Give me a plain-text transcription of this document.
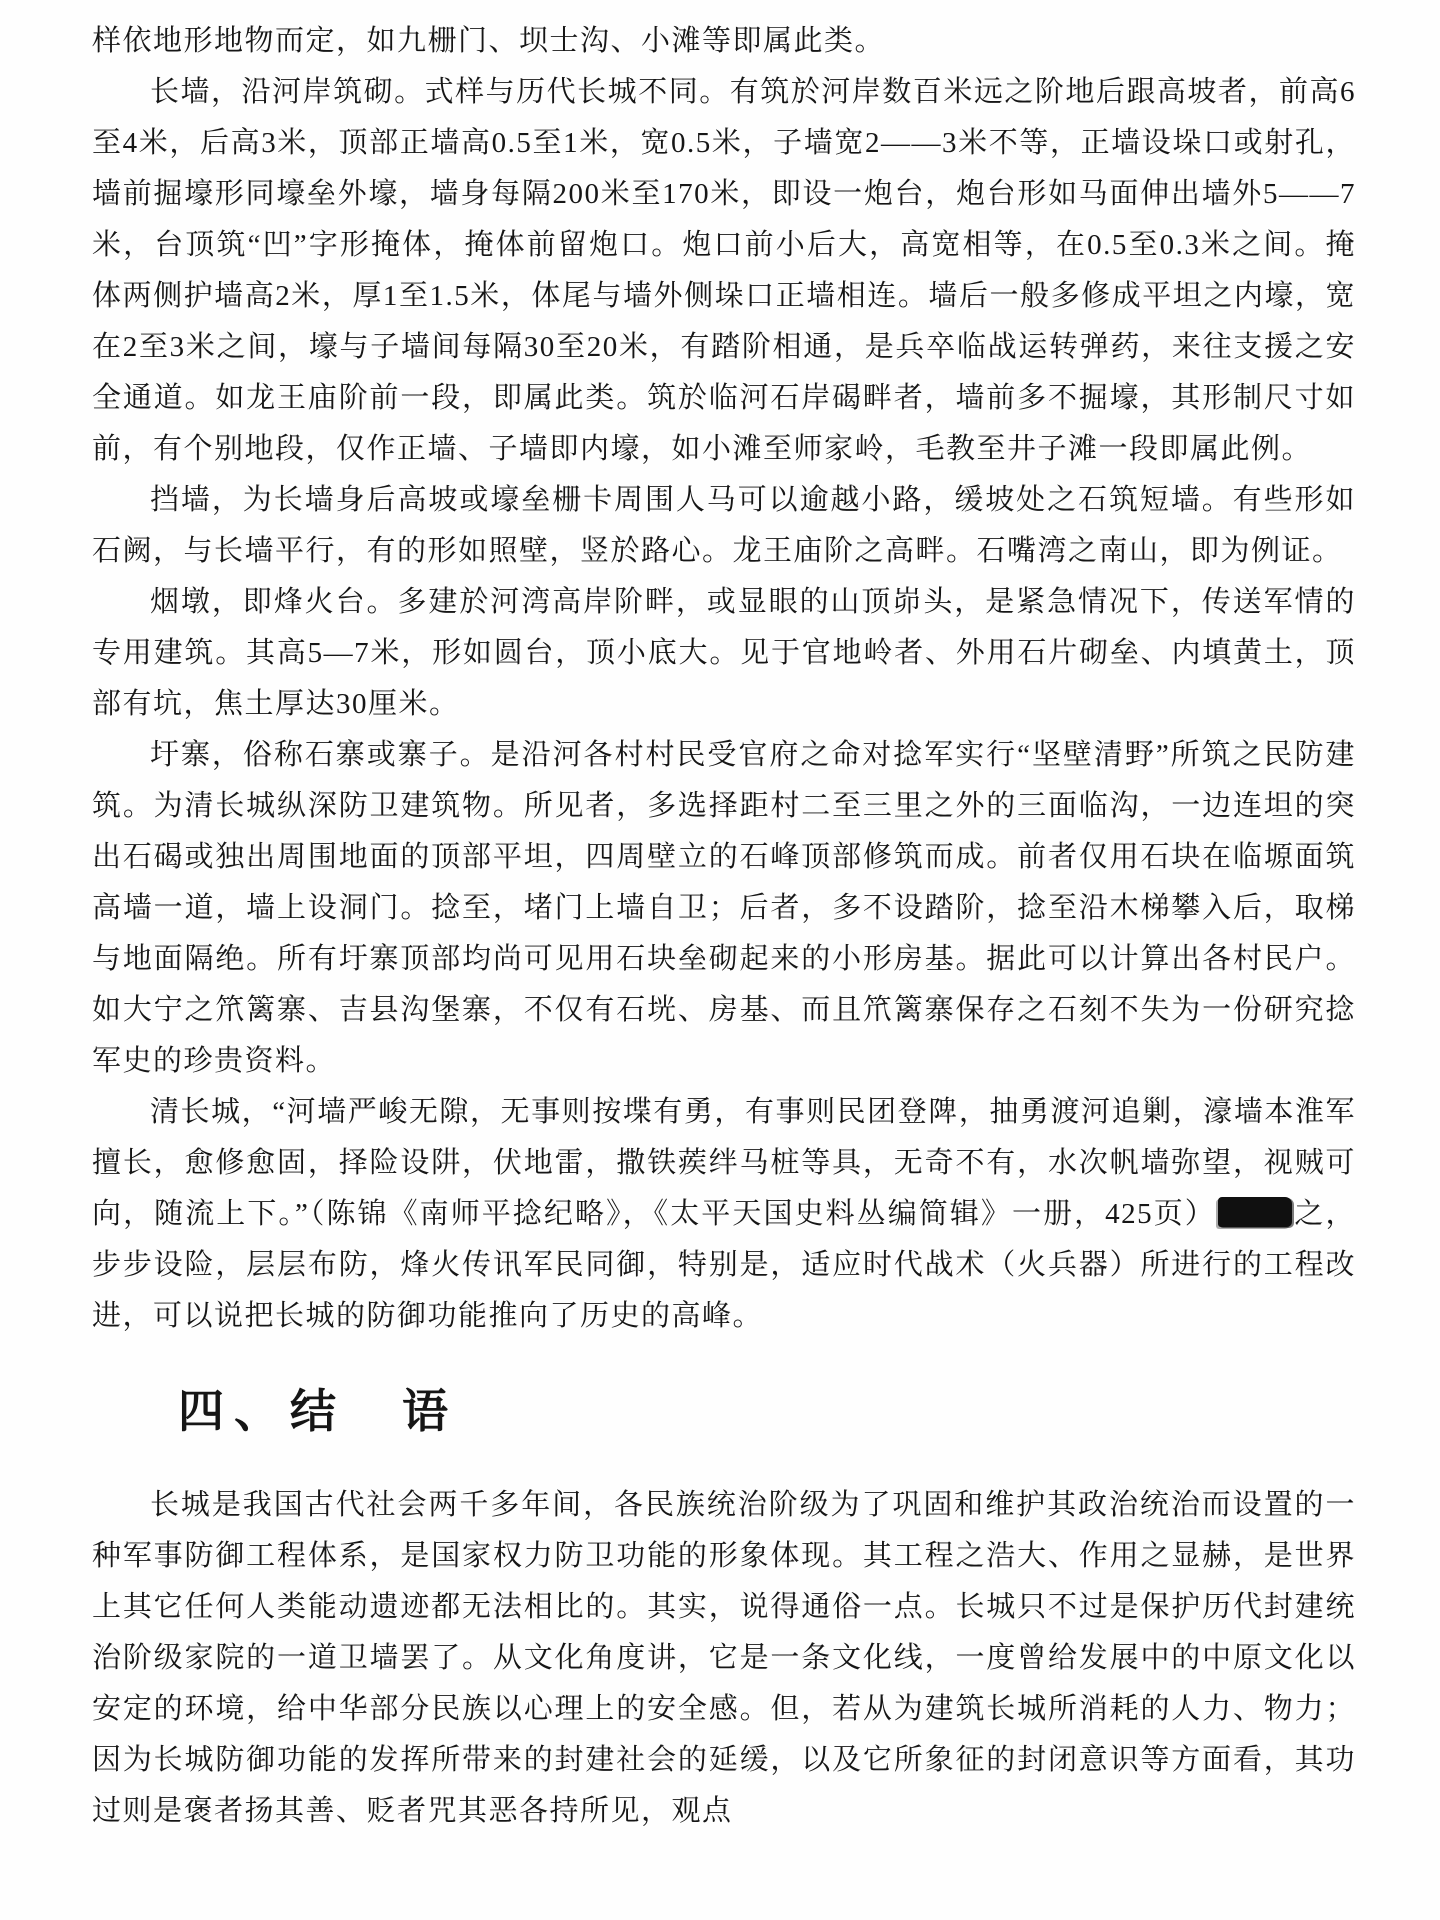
样依地形地物而定，如九栅门、坝士沟、小滩等即属此类。

长墙，沿河岸筑砌。式样与历代长城不同。有筑於河岸数百米远之阶地后跟高坡者，前高6至4米，后高3米，顶部正墙高0.5至1米，宽0.5米，子墙宽2——3米不等，正墙设垛口或射孔，墙前掘壕形同壕垒外壕，墙身每隔200米至170米，即设一炮台，炮台形如马面伸出墙外5——7米，台顶筑“凹”字形掩体，掩体前留炮口。炮口前小后大，高宽相等，在0.5至0.3米之间。掩体两侧护墙高2米，厚1至1.5米，体尾与墙外侧垛口正墙相连。墙后一般多修成平坦之内壕，宽在2至3米之间，壕与子墙间每隔30至20米，有踏阶相通，是兵卒临战运转弹药，来往支援之安全通道。如龙王庙阶前一段，即属此类。筑於临河石岸碣畔者，墙前多不掘壕，其形制尺寸如前，有个别地段，仅作正墙、子墙即内壕，如小滩至师家岭，毛教至井子滩一段即属此例。

挡墙，为长墙身后高坡或壕垒栅卡周围人马可以逾越小路，缓坡处之石筑短墙。有些形如石阙，与长墙平行，有的形如照壁，竖於路心。龙王庙阶之高畔。石嘴湾之南山，即为例证。

烟墩，即烽火台。多建於河湾高岸阶畔，或显眼的山顶峁头，是紧急情况下，传送军情的专用建筑。其高5—7米，形如圆台，顶小底大。见于官地岭者、外用石片砌垒、内填黄土，顶部有坑，焦土厚达30厘米。

圩寨，俗称石寨或寨子。是沿河各村村民受官府之命对捻军实行“坚壁清野”所筑之民防建筑。为清长城纵深防卫建筑物。所见者，多选择距村二至三里之外的三面临沟，一边连坦的突出石碣或独出周围地面的顶部平坦，四周壁立的石峰顶部修筑而成。前者仅用石块在临塬面筑高墙一道，墙上设洞门。捻至，堵门上墙自卫；后者，多不设踏阶，捻至沿木梯攀入后，取梯与地面隔绝。所有圩寨顶部均尚可见用石块垒砌起来的小形房基。据此可以计算出各村民户。如大宁之笊篱寨、吉县沟堡寨，不仅有石垙、房基、而且笊篱寨保存之石刻不失为一份研究捻军史的珍贵资料。

清长城，“河墙严峻无隙，无事则按堞有勇，有事则民团登陴，抽勇渡河追剿，濠墙本淮军擅长，愈修愈固，择险设阱，伏地雷，撒铁蒺绊马桩等具，无奇不有，水次帆墙弥望，视贼可向，随流上下。”（陈锦《南师平捻纪略》，《太平天国史料丛编简辑》一册，425页）	之，步步设险，层层布防，烽火传讯军民同御，特别是，适应时代战术（火兵器）所进行的工程改进，可以说把长城的防御功能推向了历史的高峰。

四、结　语

长城是我国古代社会两千多年间，各民族统治阶级为了巩固和维护其政治统治而设置的一种军事防御工程体系，是国家权力防卫功能的形象体现。其工程之浩大、作用之显赫，是世界上其它任何人类能动遗迹都无法相比的。其实，说得通俗一点。长城只不过是保护历代封建统治阶级家院的一道卫墙罢了。从文化角度讲，它是一条文化线，一度曾给发展中的中原文化以安定的环境，给中华部分民族以心理上的安全感。但，若从为建筑长城所消耗的人力、物力；因为长城防御功能的发挥所带来的封建社会的延缓，以及它所象征的封闭意识等方面看，其功过则是褒者扬其善、贬者咒其恶各持所见，观点
